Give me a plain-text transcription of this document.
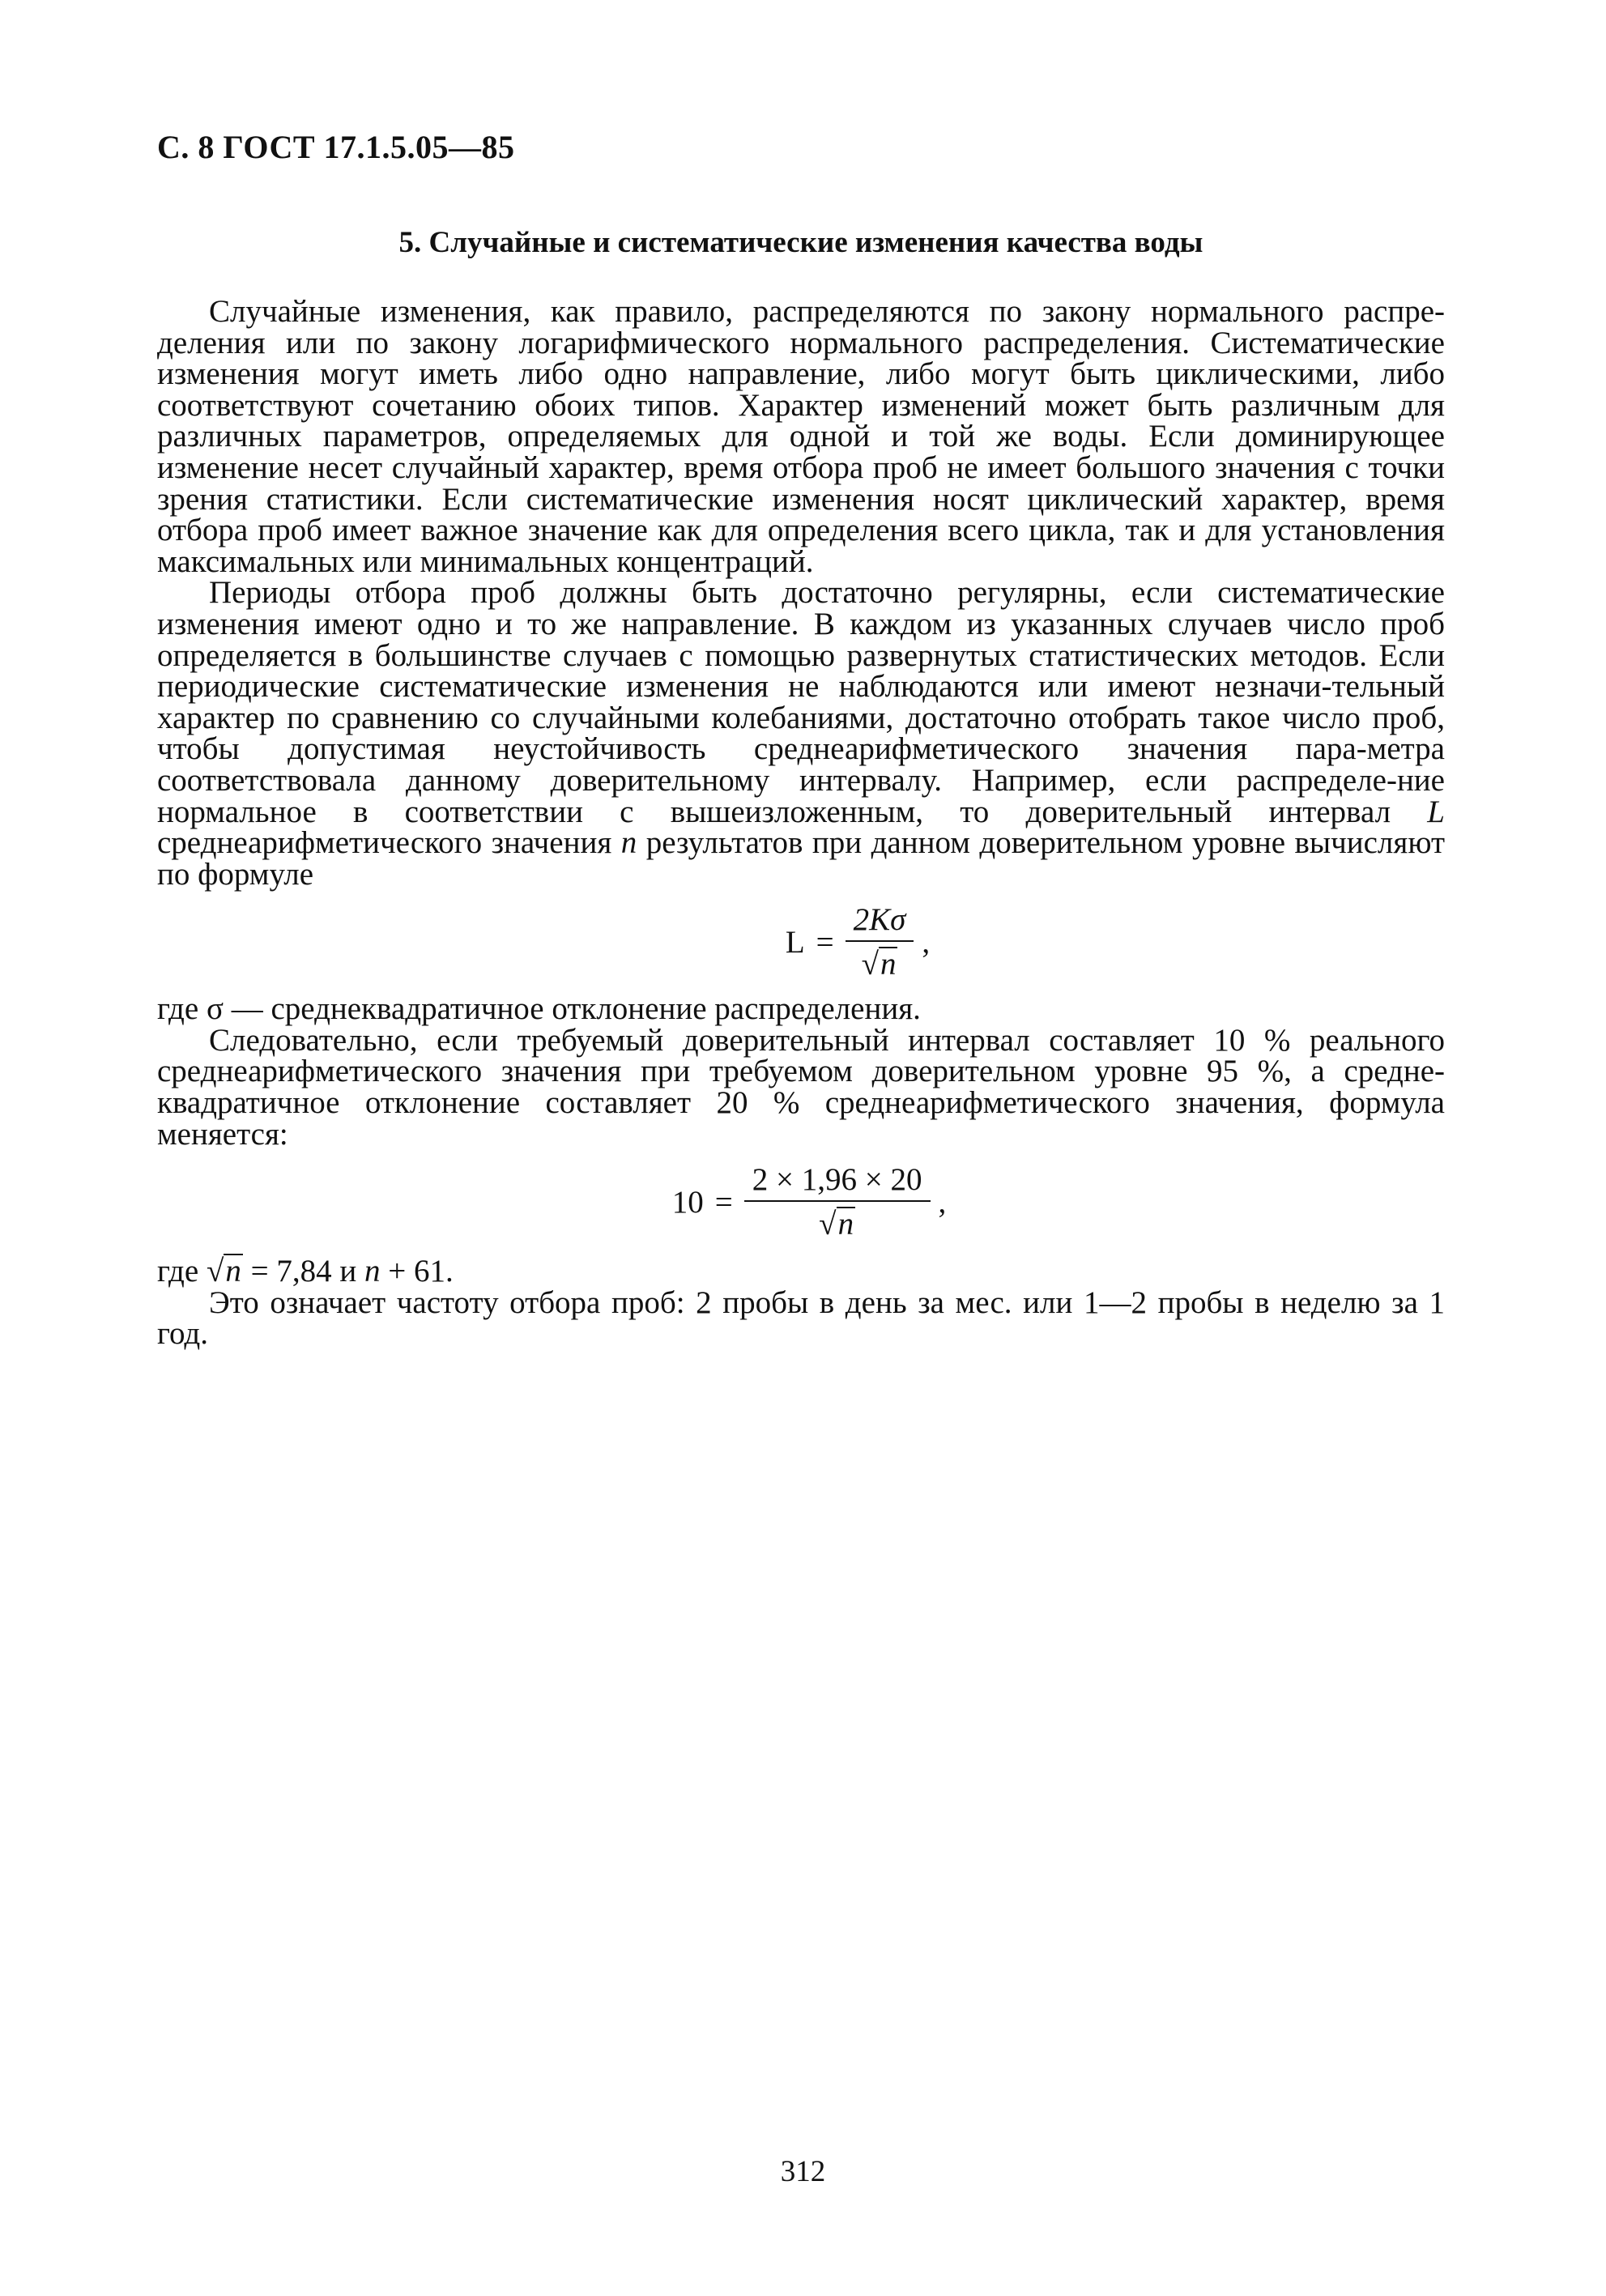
С. 8 ГОСТ 17.1.5.05—85
5. Случайные и систематические изменения качества воды

Случайные изменения, как правило, распределяются по закону нормального распре-деления или по закону логарифмического нормального распределения. Систематические изменения могут иметь либо одно направление, либо могут быть циклическими, либо соответствуют сочетанию обоих типов. Характер изменений может быть различным для различных параметров, определяемых для одной и той же воды. Если доминирующее изменение несет случайный характер, время отбора проб не имеет большого значения с точки зрения статистики. Если систематические изменения носят циклический характер, время отбора проб имеет важное значение как для определения всего цикла, так и для установления максимальных или минимальных концентраций.

Периоды отбора проб должны быть достаточно регулярны, если систематические изменения имеют одно и то же направление. В каждом из указанных случаев число проб определяется в большинстве случаев с помощью развернутых статистических методов. Если периодические систематические изменения не наблюдаются или имеют незначи-тельный характер по сравнению со случайными колебаниями, достаточно отобрать такое число проб, чтобы допустимая неустойчивость среднеарифметического значения пара-метра соответствовала данному доверительному интервалу. Например, если распределе-ние нормальное в соответствии с вышеизложенным, то доверительный интервал L среднеарифметического значения n результатов при данном доверительном уровне вычисляют по формуле

$L = \frac{2K\sigma}{√ n}$ ,

где σ — среднеквадратичное отклонение распределения.

Следовательно, если требуемый доверительный интервал составляет 10 % реального среднеарифметического значения при требуемом доверительном уровне 95 %, а средне-квадратичное отклонение составляет 20 % среднеарифметического значения, формула меняется:

$10 = \frac{2 \times 1,96 \times 20}{√ n}$ ,

где √ n = 7,84 и n + 61.

Это означает частоту отбора проб: 2 пробы в день за мес. или 1—2 пробы в неделю за 1 год.

312
